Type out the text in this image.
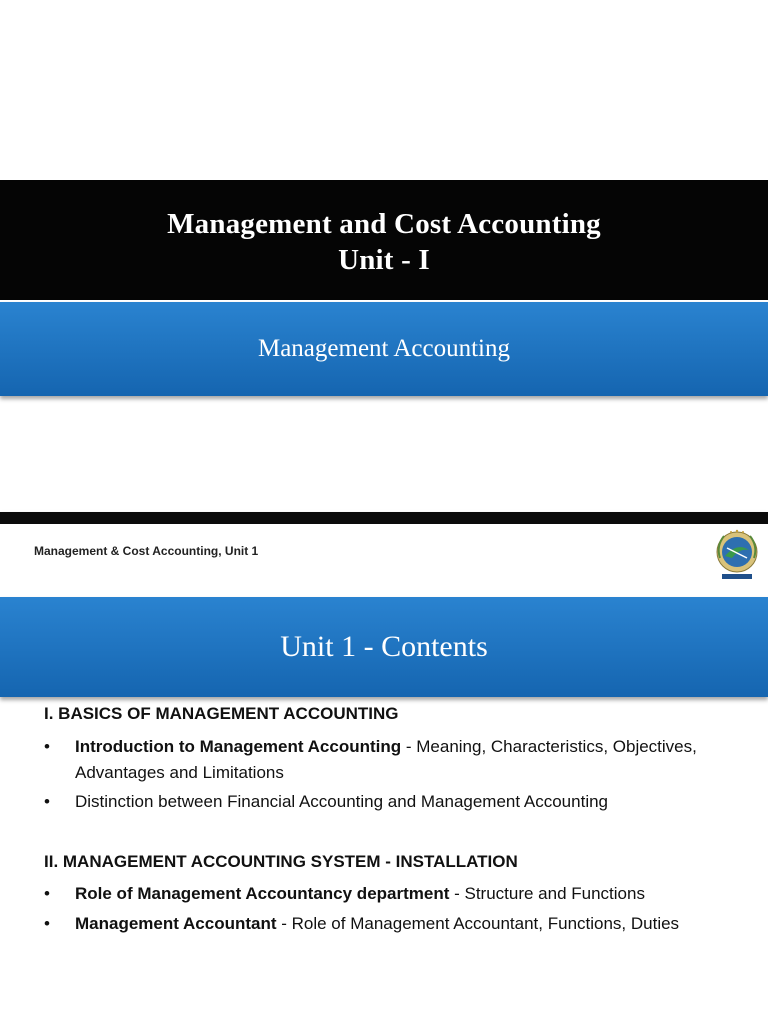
Management and Cost Accounting
Unit - I
Management Accounting
Management & Cost Accounting, Unit 1
Unit 1 - Contents
I. BASICS OF MANAGEMENT ACCOUNTING
•	Introduction to Management Accounting - Meaning, Characteristics, Objectives, Advantages and Limitations
•	Distinction between Financial Accounting and Management Accounting
II. MANAGEMENT ACCOUNTING SYSTEM - INSTALLATION
•	Role of Management Accountancy department - Structure and Functions
•	Management Accountant - Role of Management Accountant, Functions, Duties
